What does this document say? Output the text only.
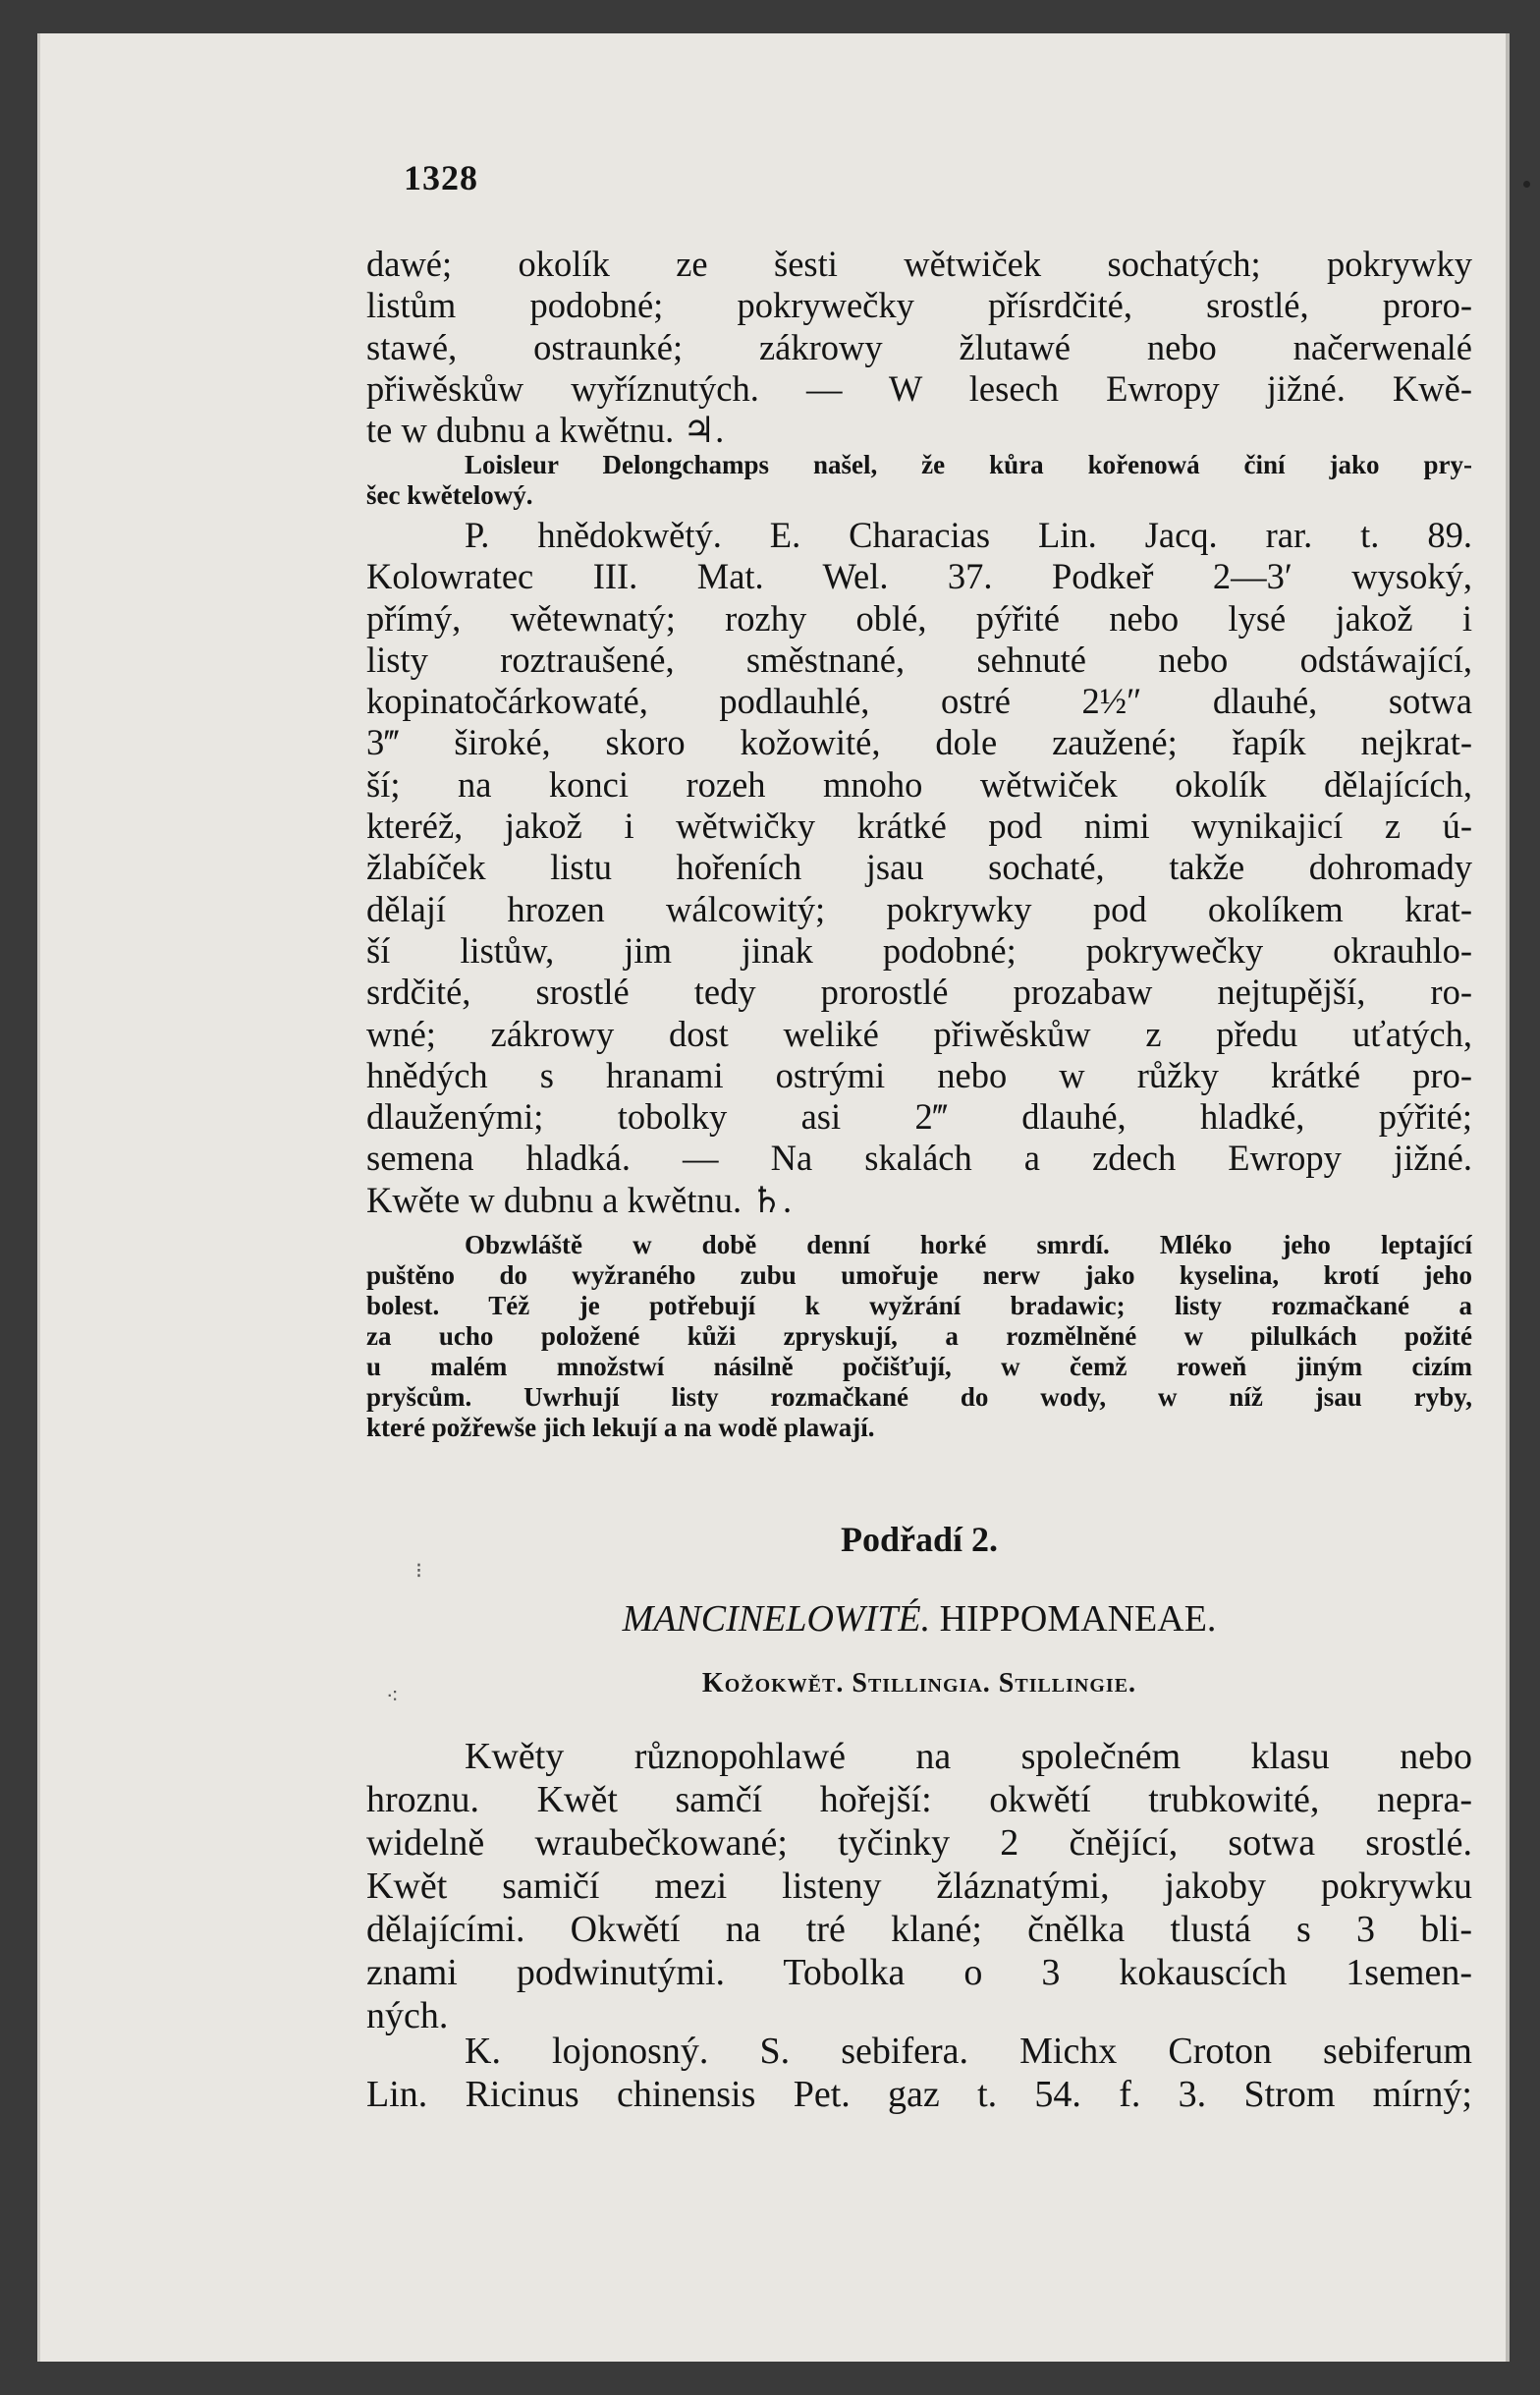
1328
⁝
⁖
dawé; okolík ze šesti wětwiček sochatých; pokrywky
listům podobné; pokrywečky přísrdčité, srostlé, proro-
stawé, ostraunké; zákrowy žlutawé nebo načerwenalé
přiwěskůw wyříznutých. — W lesech Ewropy jižné. Kwě-
te w dubnu a kwětnu. ♃.
Loisleur Delongchamps našel, že kůra kořenowá činí jako pry-
šec kwětelowý.
P. hnědokwětý. E. Characias Lin. Jacq. rar. t. 89.
Kolowratec III. Mat. Wel. 37. Podkeř 2—3′ wysoký,
přímý, wětewnatý; rozhy oblé, pýřité nebo lysé jakož i
listy roztraušené, směstnané, sehnuté nebo odstáwající,
kopinatočárkowaté, podlauhlé, ostré 2½″ dlauhé, sotwa
3‴ široké, skoro kožowité, dole zaužené; řapík nejkrat-
ší; na konci rozeh mnoho wětwiček okolík dělajících,
kteréž, jakož i wětwičky krátké pod nimi wynikajicí z ú-
žlabíček listu hořeních jsau sochaté, takže dohromady
dělají hrozen wálcowitý; pokrywky pod okolíkem krat-
ší listůw, jim jinak podobné; pokrywečky okrauhlo-
srdčité, srostlé tedy prorostlé prozabaw nejtupější, ro-
wné; zákrowy dost weliké přiwěskůw z předu uťatých,
hnědých s hranami ostrými nebo w růžky krátké pro-
dlauženými; tobolky asi 2‴ dlauhé, hladké, pýřité;
semena hladká. — Na skalách a zdech Ewropy jižné.
Kwěte w dubnu a kwětnu. ♄.
Obzwláště w době denní horké smrdí. Mléko jeho leptající
puštěno do wyžraného zubu umořuje nerw jako kyselina, krotí jeho
bolest. Též je potřebují k wyžrání bradawic; listy rozmačkané a
za ucho položené kůži zpryskují, a rozmělněné w pilulkách požité
u malém množstwí násilně počišťují, w čemž roweň jiným cizím
pryšcům. Uwrhují listy rozmačkané do wody, w níž jsau ryby,
které požřewše jich lekují a na wodě plawají.
Podřadí 2.
MANCINELOWITÉ. HIPPOMANEAE.
Kožokwět. Stillingia. Stillingie.
Kwěty různopohlawé na společném klasu nebo
hroznu. Kwět samčí hořejší: okwětí trubkowité, nepra-
widelně wraubečkowané; tyčinky 2 čnějící, sotwa srostlé.
Kwět samičí mezi listeny žláznatými, jakoby pokrywku
dělajícími. Okwětí na tré klané; čnělka tlustá s 3 bli-
znami podwinutými. Tobolka o 3 kokauscích 1semen-
ných.
K. lojonosný. S. sebifera. Michx Croton sebiferum
Lin. Ricinus chinensis Pet. gaz t. 54. f. 3. Strom mírný;
